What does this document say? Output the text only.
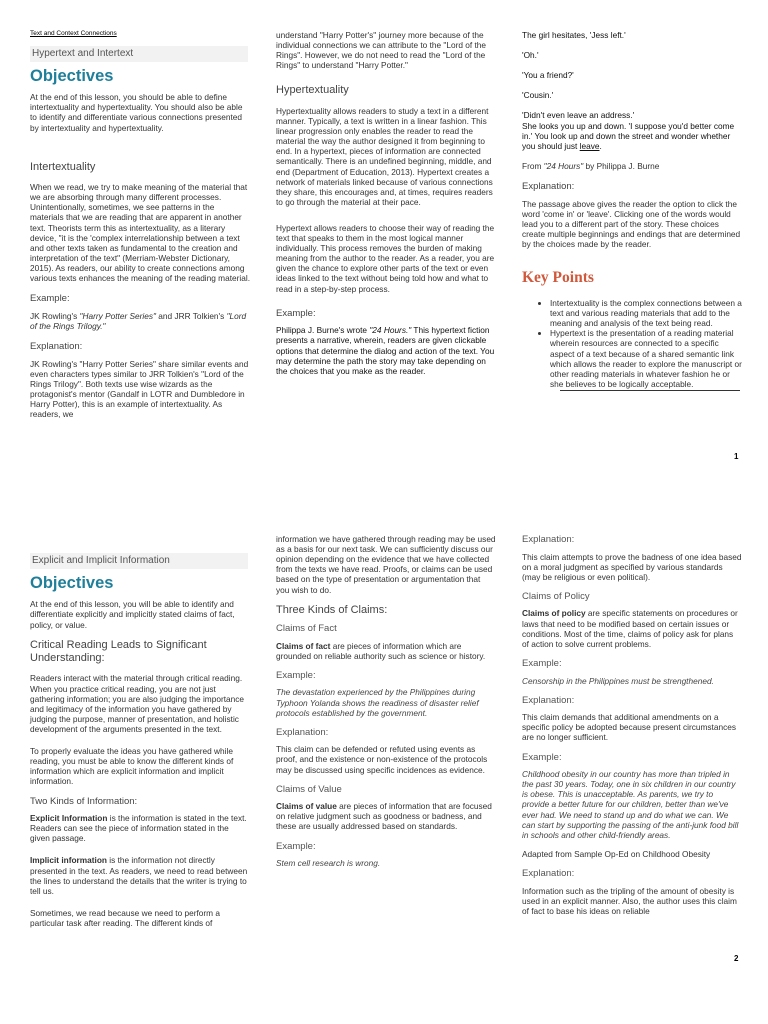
Text and Context Connections
Hypertext and Intertext
Objectives

At the end of this lesson, you should be able to define intertextuality and hypertextuality. You should also be able to identify and differentiate various connections presented by intertextuality and hypertextuality.

Intertextuality

When we read, we try to make meaning of the material that we are absorbing through many different processes. Unintentionally, sometimes, we see patterns in the materials that we are reading that are apparent in another text. Theorists term this as intertextuality, as a literary device, "it is the 'complex interrelationship between a text and other texts taken as fundamental to the creation and interpretation of the text" (Merriam-Webster Dictionary, 2015). As readers, our ability to create connections among various texts enhances the meaning of the reading material.

Example:

JK Rowling's "Harry Potter Series" and JRR Tolkien's "Lord of the Rings Trilogy."

Explanation:

JK Rowling's "Harry Potter Series" share similar events and even characters types similar to JRR Tolkien's "Lord of the Rings Trilogy". Both texts use wise wizards as the protagonist's mentor (Gandalf in LOTR and Dumbledore in Harry Potter), this is an example of intertextuality. As readers, we

understand "Harry Potter's" journey more because of the individual connections we can attribute to the "Lord of the Rings". However, we do not need to read the "Lord of the Rings" to understand "Harry Potter."

Hypertextuality

Hypertextuality allows readers to study a text in a different manner. Typically, a text is written in a linear fashion. This linear progression only enables the reader to read the material the way the author designed it from beginning to end. In a hypertext, pieces of information are connected semantically. There is an undefined beginning, middle, and end (Department of Education, 2013). Hypertext creates a network of materials linked because of various connections they share, this encourages and, at times, requires readers to go through the material at their pace.

Hypertext allows readers to choose their way of reading the text that speaks to them in the most logical manner individually. This process removes the burden of making meaning from the author to the reader. As a reader, you are given the chance to explore other parts of the text or even ideas linked to the text without being told how and what to read in a step-by-step process.

Example:

Philippa J. Burne's wrote "24 Hours." This hypertext fiction presents a narrative, wherein, readers are given clickable options that determine the dialog and action of the text. You may determine the path the story may take depending on the choices that you make as the reader.

The girl hesitates, 'Jess left.'

'Oh.'

'You a friend?'

'Cousin.'

'Didn't even leave an address.'
She looks you up and down. 'I suppose you'd better come in.' You look up and down the street and wonder whether you should just leave.

From "24 Hours" by Philippa J. Burne

Explanation:

The passage above gives the reader the option to click the word 'come in' or 'leave'. Clicking one of the words would lead you to a different part of the story. These choices create multiple beginnings and endings that are determined by the choices made by the reader.

Key Points
• Intertextuality is the complex connections between a text and various reading materials that add to the meaning and analysis of the text being read.
• Hypertext is the presentation of a reading material wherein resources are connected to a specific aspect of a text because of a shared semantic link which allows the reader to explore the manuscript or other reading materials in whatever fashion he or she believes to be logically acceptable.
1
Explicit and Implicit Information
Objectives

At the end of this lesson, you will be able to identify and differentiate explicitly and implicitly stated claims of fact, policy, or value.

Critical Reading Leads to Significant Understanding:

Readers interact with the material through critical reading. When you practice critical reading, you are not just gathering information; you are also judging the importance and legitimacy of the information you have gathered by judging the purpose, manner of presentation, and holistic development of the arguments presented in the text.

To properly evaluate the ideas you have gathered while reading, you must be able to know the different kinds of information which are explicit information and implicit information.

Two Kinds of Information:

Explicit Information is the information is stated in the text. Readers can see the piece of information stated in the given passage.

Implicit information is the information not directly presented in the text. As readers, we need to read between the lines to understand the details that the writer is trying to tell us.

Sometimes, we read because we need to perform a particular task after reading. The different kinds of

information we have gathered through reading may be used as a basis for our next task. We can sufficiently discuss our opinion depending on the evidence that we have collected from the texts we have read. Proofs, or claims can be used based on the type of presentation or argumentation that you wish to do.

Three Kinds of Claims:
Claims of Fact

Claims of fact are pieces of information which are grounded on reliable authority such as science or history.

Example:

The devastation experienced by the Philippines during Typhoon Yolanda shows the readiness of disaster relief protocols established by the government.

Explanation:

This claim can be defended or refuted using events as proof, and the existence or non-existence of the protocols may be discussed using specific incidences as evidence.

Claims of Value

Claims of value are pieces of information that are focused on relative judgment such as goodness or badness, and these are usually addressed based on standards.

Example:

Stem cell research is wrong.

Explanation:

This claim attempts to prove the badness of one idea based on a moral judgment as specified by various standards (may be religious or even political).

Claims of Policy

Claims of policy are specific statements on procedures or laws that need to be modified based on certain issues or conditions. Most of the time, claims of policy ask for plans of action to solve current problems.

Example:

Censorship in the Philippines must be strengthened.

Explanation:

This claim demands that additional amendments on a specific policy be adopted because present circumstances are no longer sufficient.

Example:

Childhood obesity in our country has more than tripled in the past 30 years. Today, one in six children in our country is obese. This is unacceptable. As parents, we try to provide a better future for our children, better than we've ever had. We need to stand up and do what we can. We can start by supporting the passing of the anti-junk food bill in schools and other child-friendly areas.

Adapted from Sample Op-Ed on Childhood Obesity

Explanation:

Information such as the tripling of the amount of obesity is used in an explicit manner. Also, the author uses this claim of fact to base his ideas on reliable

2
